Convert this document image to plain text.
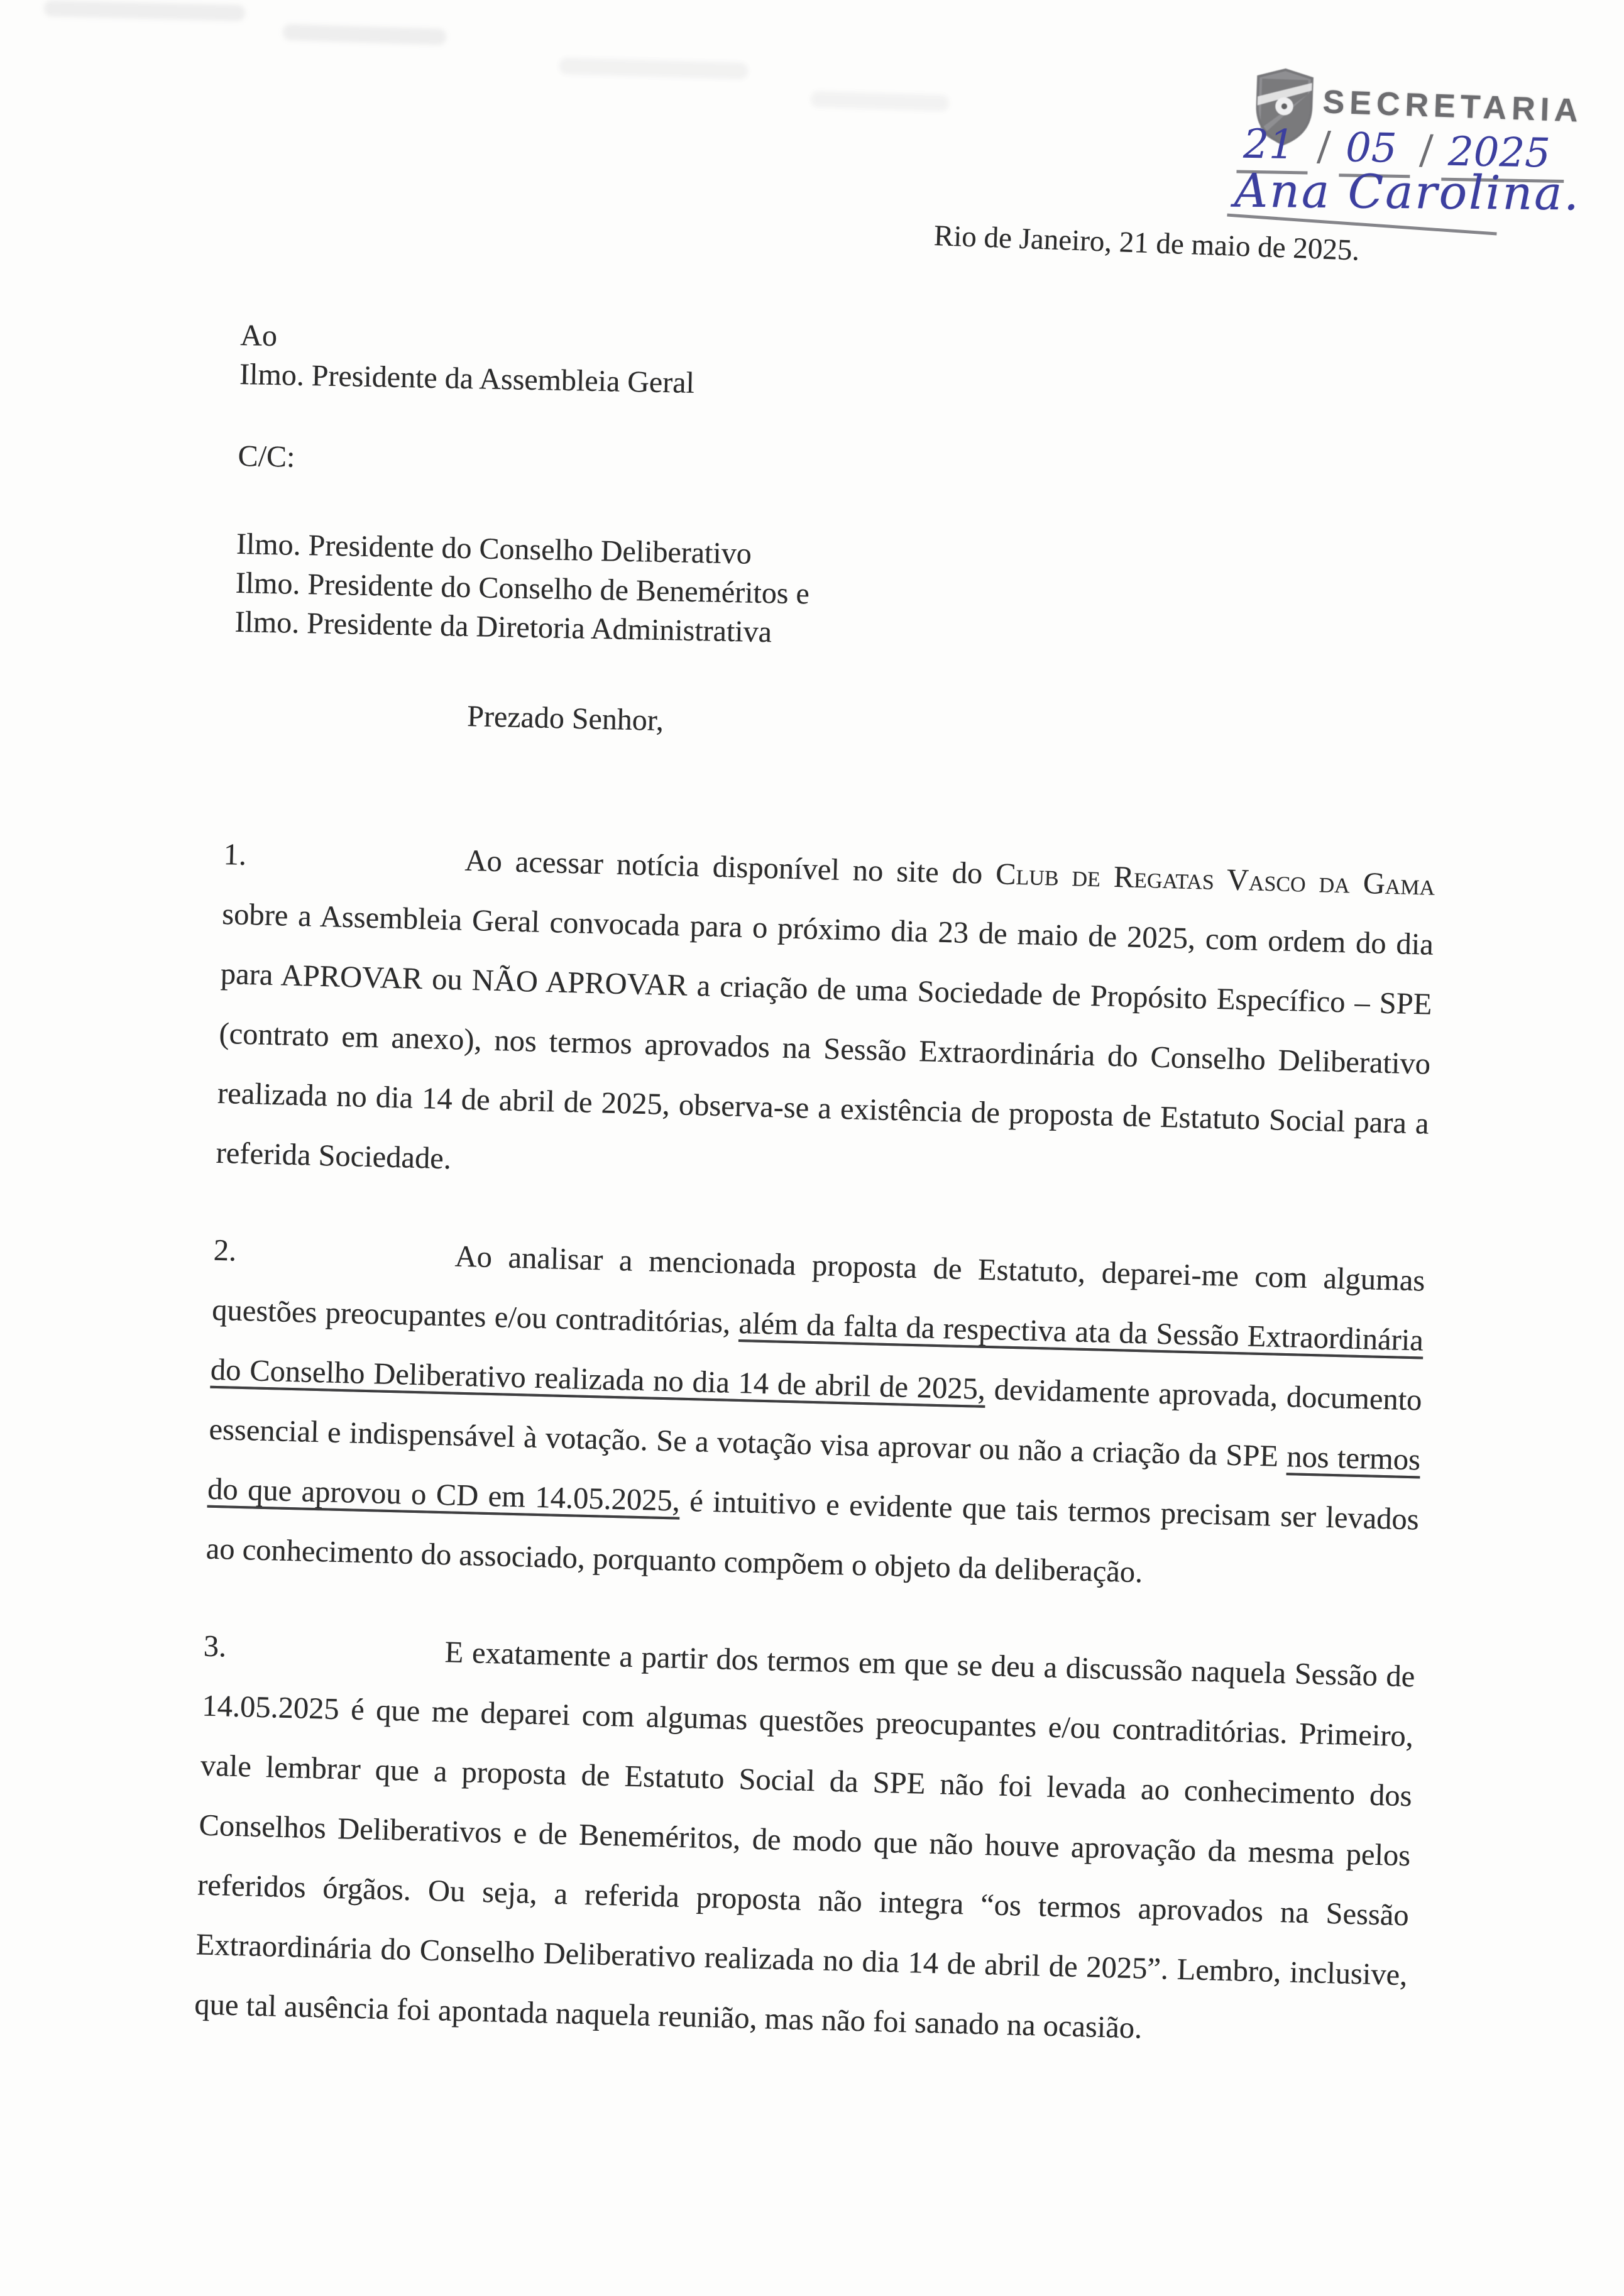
SECRETARIA
21 / 05 / 2025
Ana Carolina.
Rio de Janeiro, 21 de maio de 2025.
Ao
Ilmo. Presidente da Assembleia Geral
C/C:
Ilmo. Presidente do Conselho Deliberativo
Ilmo. Presidente do Conselho de Beneméritos e
Ilmo. Presidente da Diretoria Administrativa
Prezado Senhor,

1.	Ao acessar notícia disponível no site do Club de Regatas Vasco da Gama sobre a Assembleia Geral convocada para o próximo dia 23 de maio de 2025, com ordem do dia para APROVAR ou NÃO APROVAR a criação de uma Sociedade de Propósito Específico – SPE (contrato em anexo), nos termos aprovados na Sessão Extraordinária do Conselho Deliberativo realizada no dia 14 de abril de 2025, observa-se a existência de proposta de Estatuto Social para a referida Sociedade.

2.	Ao analisar a mencionada proposta de Estatuto, deparei-me com algumas questões preocupantes e/ou contraditórias, além da falta da respectiva ata da Sessão Extraordinária do Conselho Deliberativo realizada no dia 14 de abril de 2025, devidamente aprovada, documento essencial e indispensável à votação. Se a votação visa aprovar ou não a criação da SPE nos termos do que aprovou o CD em 14.05.2025, é intuitivo e evidente que tais termos precisam ser levados ao conhecimento do associado, porquanto compõem o objeto da deliberação.

3.	E exatamente a partir dos termos em que se deu a discussão naquela Sessão de 14.05.2025 é que me deparei com algumas questões preocupantes e/ou contraditórias. Primeiro, vale lembrar que a proposta de Estatuto Social da SPE não foi levada ao conhecimento dos Conselhos Deliberativos e de Beneméritos, de modo que não houve aprovação da mesma pelos referidos órgãos. Ou seja, a referida proposta não integra “os termos aprovados na Sessão Extraordinária do Conselho Deliberativo realizada no dia 14 de abril de 2025”. Lembro, inclusive, que tal ausência foi apontada naquela reunião, mas não foi sanado na ocasião.
